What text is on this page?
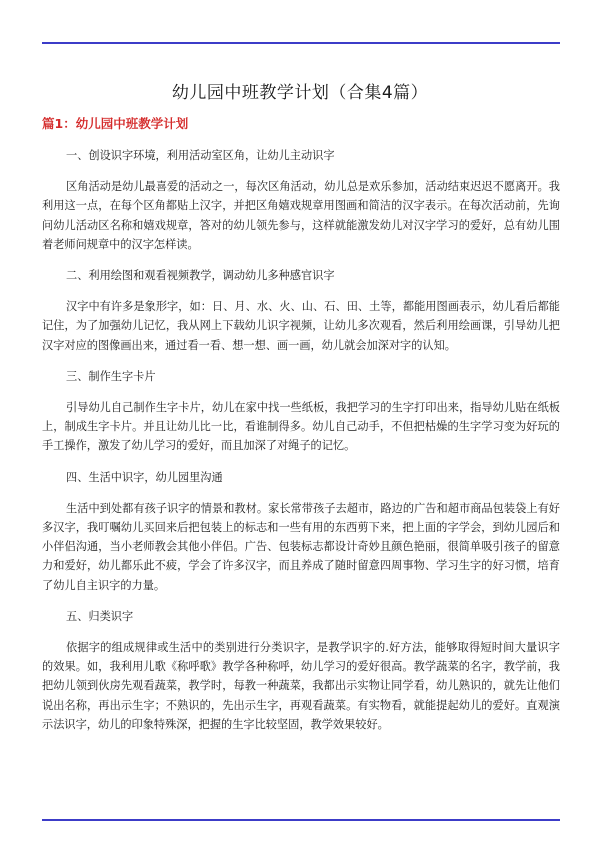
幼儿园中班教学计划（合集4篇）
篇1：幼儿园中班教学计划

一、创设识字环境，利用活动室区角，让幼儿主动识字

区角活动是幼儿最喜爱的活动之一，每次区角活动，幼儿总是欢乐参加，活动结束迟迟不愿离开。我利用这一点，在每个区角都贴上汉字，并把区角嬉戏规章用图画和简洁的汉字表示。在每次活动前，先询问幼儿活动区名称和嬉戏规章，答对的幼儿领先参与，这样就能激发幼儿对汉字学习的爱好，总有幼儿围着老师问规章中的汉字怎样读。

二、利用绘图和观看视频教学，调动幼儿多种感官识字

汉字中有许多是象形字，如：日、月、水、火、山、石、田、土等，都能用图画表示，幼儿看后都能记住，为了加强幼儿记忆，我从网上下载幼儿识字视频，让幼儿多次观看，然后利用绘画课，引导幼儿把汉字对应的图像画出来，通过看一看、想一想、画一画，幼儿就会加深对字的认知。

三、制作生字卡片

引导幼儿自己制作生字卡片，幼儿在家中找一些纸板，我把学习的生字打印出来，指导幼儿贴在纸板上，制成生字卡片。并且让幼儿比一比，看谁制得多。幼儿自己动手，不但把枯燥的生字学习变为好玩的手工操作，激发了幼儿学习的爱好，而且加深了对绳子的记忆。

四、生活中识字，幼儿园里沟通

生活中到处都有孩子识字的情景和教材。家长常带孩子去超市，路边的广告和超市商品包装袋上有好多汉字，我叮嘱幼儿买回来后把包装上的标志和一些有用的东西剪下来，把上面的字学会，到幼儿园后和小伴侣沟通，当小老师教会其他小伴侣。广告、包装标志都设计奇妙且颜色艳丽，很简单吸引孩子的留意力和爱好，幼儿都乐此不疲，学会了许多汉字，而且养成了随时留意四周事物、学习生字的好习惯，培育了幼儿自主识字的力量。

五、归类识字

依据字的组成规律或生活中的类别进行分类识字，是教学识字的.好方法，能够取得短时间大量识字的效果。如，我利用儿歌《称呼歌》教学各种称呼，幼儿学习的爱好很高。教学蔬菜的名字，教学前，我把幼儿领到伙房先观看蔬菜，教学时，每教一种蔬菜，我都出示实物让同学看，幼儿熟识的，就先让他们说出名称，再出示生字；不熟识的，先出示生字，再观看蔬菜。有实物看，就能提起幼儿的爱好。直观演示法识字，幼儿的印象特殊深，把握的生字比较坚固，教学效果较好。
